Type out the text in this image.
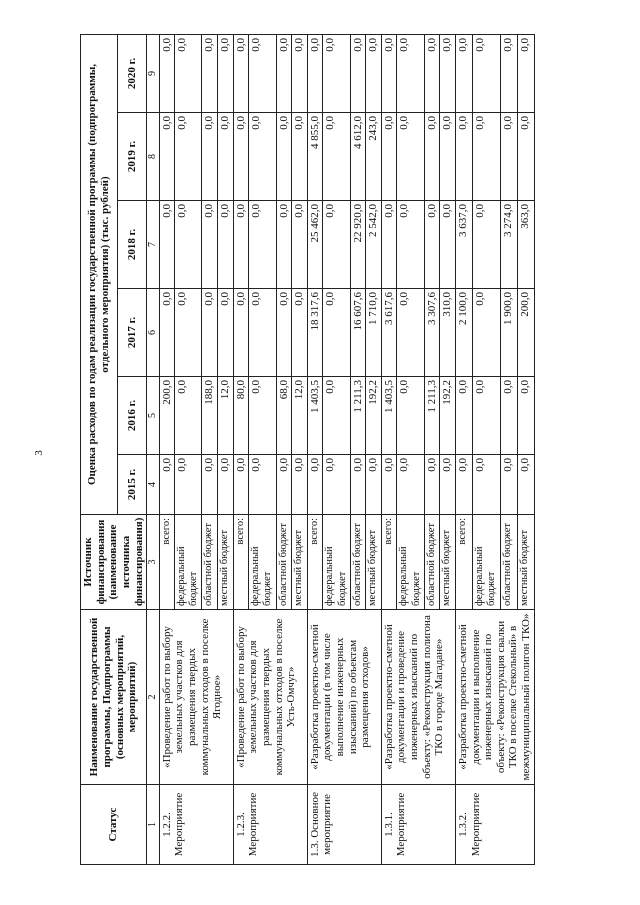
3
Статус	Наименование государственной программы, Подпрограммы (основных мероприятий, мероприятий)	Источник финансирования (наименование источника финансирования)	Оценка расходов по годам реализации государственной программы (подпрограммы, отдельного мероприятия) (тыс. рублей)					
			2015 г.	2016 г.	2017 г.	2018 г.	2019 г.	2020 г.
1	2	3	4	5	6	7	8	9
1.2.2. Мероприятие	«Проведение работ по выбору земельных участков для размещения твердых коммунальных отходов в поселке Ягодное»	всего:	0,0	200,0	0,0	0,0	0,0	0,0
		федеральный бюджет	0,0	0,0	0,0	0,0	0,0	0,0
		областной бюджет	0,0	188,0	0,0	0,0	0,0	0,0
		местный бюджет	0,0	12,0	0,0	0,0	0,0	0,0
1.2.3. Мероприятие	«Проведение работ по выбору земельных участков для размещения твердых коммунальных отходов в поселке Усть-Омчуг»	всего:	0,0	80,0	0,0	0,0	0,0	0,0
		федеральный бюджет	0,0	0,0	0,0	0,0	0,0	0,0
		областной бюджет	0,0	68,0	0,0	0,0	0,0	0,0
		местный бюджет	0,0	12,0	0,0	0,0	0,0	0,0
1.3. Основное мероприятие	«Разработка проектно-сметной документации (в том числе выполнение инженерных изысканий) по объектам размещения отходов»	всего:	0,0	1 403,5	18 317,6	25 462,0	4 855,0	0,0
		федеральный бюджет	0,0	0,0	0,0	0,0	0,0	0,0
		областной бюджет	0,0	1 211,3	16 607,6	22 920,0	4 612,0	0,0
		местный бюджет	0,0	192,2	1 710,0	2 542,0	243,0	0,0
1.3.1. Мероприятие	«Разработка проектно-сметной документации и проведение инженерных изысканий по объекту: «Реконструкция полигона ТКО в городе Магадане»	всего:	0,0	1 403,5	3 617,6	0,0	0,0	0,0
		федеральный бюджет	0,0	0,0	0,0	0,0	0,0	0,0
		областной бюджет	0,0	1 211,3	3 307,6	0,0	0,0	0,0
		местный бюджет	0,0	192,2	310,0	0,0	0,0	0,0
1.3.2. Мероприятие	«Разработка проектно-сметной документации и выполнение инженерных изысканий по объекту: «Реконструкция свалки ТКО в поселке Стекольный» в межмуниципальный полигон ТКО»	всего:	0,0	0,0	2 100,0	3 637,0	0,0	0,0
		федеральный бюджет	0,0	0,0	0,0	0,0	0,0	0,0
		областной бюджет	0,0	0,0	1 900,0	3 274,0	0,0	0,0
		местный бюджет	0,0	0,0	200,0	363,0	0,0	0,0
